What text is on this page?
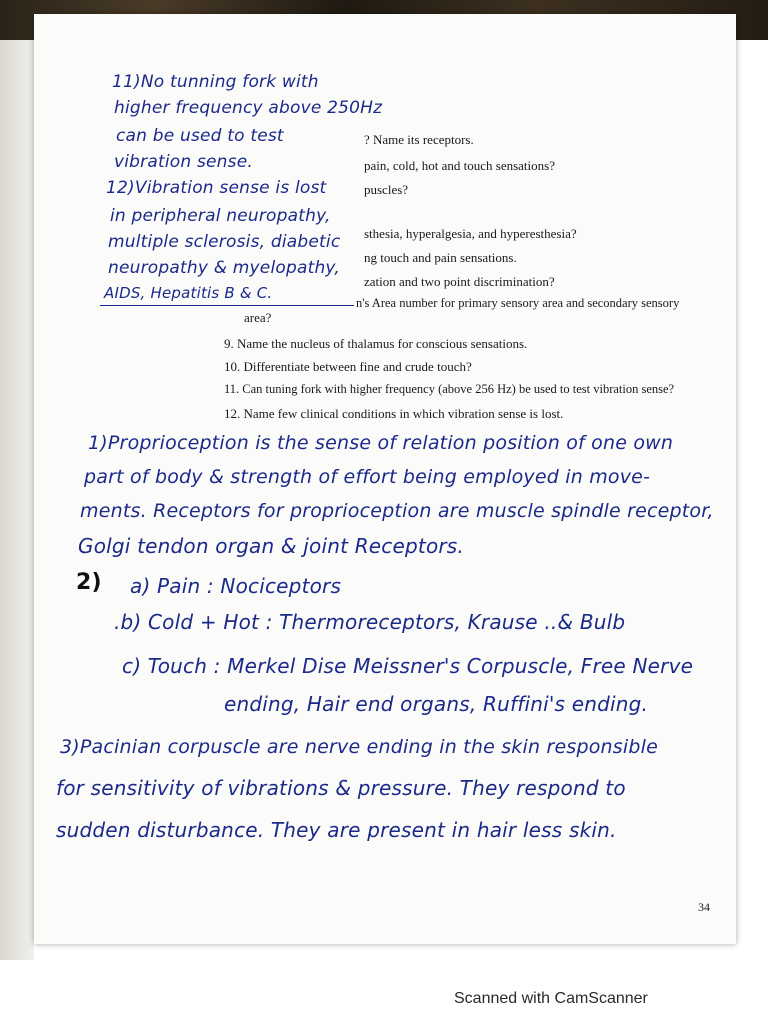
11)No tunning fork with
higher frequency above 250Hz
can be used to test
vibration sense.
12)Vibration sense is lost
in peripheral neuropathy,
multiple sclerosis, diabetic
neuropathy & myelopathy,
AIDS, Hepatitis B & C.
? Name its receptors.
pain, cold, hot and touch sensations?
puscles?
sthesia, hyperalgesia, and hyperesthesia?
ng touch and pain sensations.
zation and two point discrimination?
n's Area number for primary sensory area and secondary sensory
area?
9. Name the nucleus of thalamus for conscious sensations.
10. Differentiate between fine and crude touch?
11. Can tuning fork with higher frequency (above 256 Hz) be used to test vibration sense?
12. Name few clinical conditions in which vibration sense is lost.
1)Proprioception is the sense of relation position of one own
part of body & strength of effort being employed in move-
ments. Receptors for proprioception are muscle spindle receptor,
Golgi tendon organ & joint Receptors.
2) a) Pain : Nociceptors
.b) Cold + Hot : Thermoreceptors, Krause ..& Bulb
c) Touch : Merkel Dise Meissner's Corpuscle, Free Nerve
ending, Hair end organs, Ruffini's ending.
3)Pacinian corpuscle are nerve ending in the skin responsible
for sensitivity of vibrations & pressure. They respond to
sudden disturbance. They are present in hair less skin.
34
Scanned with CamScanner
